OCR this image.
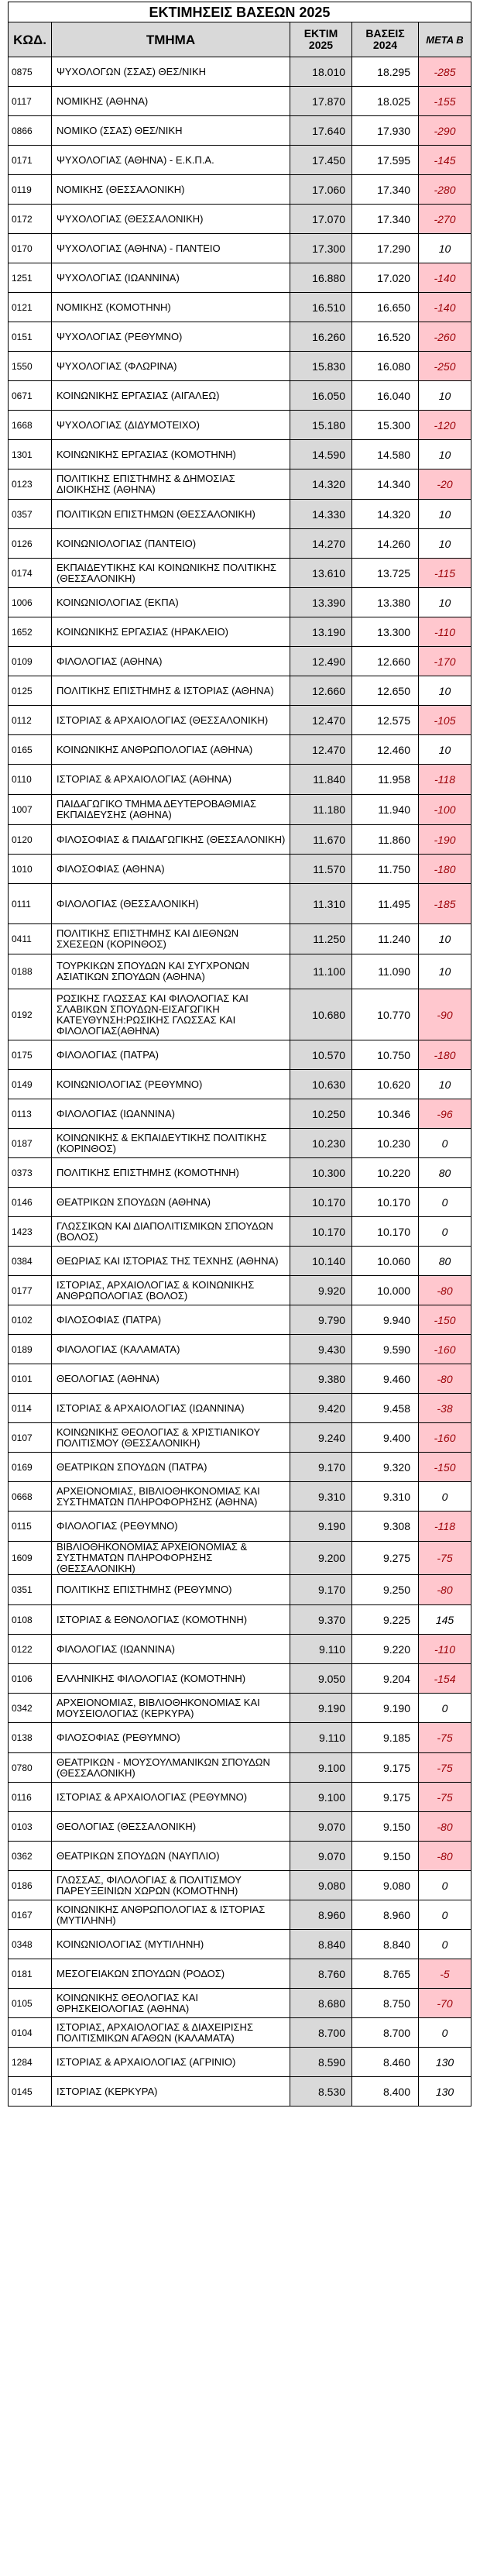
ΕΚΤΙΜΗΣΕΙΣ ΒΑΣΕΩΝ 2025				
ΚΩΔ.	ΤΜΗΜΑ	ΕΚΤΙΜ 2025	ΒΑΣΕΙΣ 2024	ΜΕΤΑ Β
0875	ΨΥΧΟΛΟΓΩΝ (ΣΣΑΣ) ΘΕΣ/ΝΙΚΗ	18.010	18.295	-285
0117	ΝΟΜΙΚΗΣ (ΑΘΗΝΑ)	17.870	18.025	-155
0866	ΝΟΜΙΚΟ (ΣΣΑΣ) ΘΕΣ/ΝΙΚΗ	17.640	17.930	-290
0171	ΨΥΧΟΛΟΓΙΑΣ (ΑΘΗΝΑ) - Ε.Κ.Π.Α.	17.450	17.595	-145
0119	ΝΟΜΙΚΗΣ (ΘΕΣΣΑΛΟΝΙΚΗ)	17.060	17.340	-280
0172	ΨΥΧΟΛΟΓΙΑΣ (ΘΕΣΣΑΛΟΝΙΚΗ)	17.070	17.340	-270
0170	ΨΥΧΟΛΟΓΙΑΣ (ΑΘΗΝΑ) - ΠΑΝΤΕΙΟ	17.300	17.290	10
1251	ΨΥΧΟΛΟΓΙΑΣ (ΙΩΑΝΝΙΝΑ)	16.880	17.020	-140
0121	ΝΟΜΙΚΗΣ (ΚΟΜΟΤΗΝΗ)	16.510	16.650	-140
0151	ΨΥΧΟΛΟΓΙΑΣ (ΡΕΘΥΜΝΟ)	16.260	16.520	-260
1550	ΨΥΧΟΛΟΓΙΑΣ (ΦΛΩΡΙΝΑ)	15.830	16.080	-250
0671	ΚΟΙΝΩΝΙΚΗΣ ΕΡΓΑΣΙΑΣ (ΑΙΓΑΛΕΩ)	16.050	16.040	10
1668	ΨΥΧΟΛΟΓΙΑΣ (ΔΙΔΥΜΟΤΕΙΧΟ)	15.180	15.300	-120
1301	ΚΟΙΝΩΝΙΚΗΣ ΕΡΓΑΣΙΑΣ (ΚΟΜΟΤΗΝΗ)	14.590	14.580	10
0123	ΠΟΛΙΤΙΚΗΣ ΕΠΙΣΤΗΜΗΣ & ΔΗΜΟΣΙΑΣ ΔΙΟΙΚΗΣΗΣ (ΑΘΗΝΑ)	14.320	14.340	-20
0357	ΠΟΛΙΤΙΚΩΝ ΕΠΙΣΤΗΜΩΝ (ΘΕΣΣΑΛΟΝΙΚΗ)	14.330	14.320	10
0126	ΚΟΙΝΩΝΙΟΛΟΓΙΑΣ (ΠΑΝΤΕΙΟ)	14.270	14.260	10
0174	ΕΚΠΑΙΔΕΥΤΙΚΗΣ ΚΑΙ ΚΟΙΝΩΝΙΚΗΣ ΠΟΛΙΤΙΚΗΣ (ΘΕΣΣΑΛΟΝΙΚΗ)	13.610	13.725	-115
1006	ΚΟΙΝΩΝΙΟΛΟΓΙΑΣ (ΕΚΠΑ)	13.390	13.380	10
1652	ΚΟΙΝΩΝΙΚΗΣ ΕΡΓΑΣΙΑΣ (ΗΡΑΚΛΕΙΟ)	13.190	13.300	-110
0109	ΦΙΛΟΛΟΓΙΑΣ (ΑΘΗΝΑ)	12.490	12.660	-170
0125	ΠΟΛΙΤΙΚΗΣ ΕΠΙΣΤΗΜΗΣ & ΙΣΤΟΡΙΑΣ (ΑΘΗΝΑ)	12.660	12.650	10
0112	ΙΣΤΟΡΙΑΣ & ΑΡΧΑΙΟΛΟΓΙΑΣ (ΘΕΣΣΑΛΟΝΙΚΗ)	12.470	12.575	-105
0165	ΚΟΙΝΩΝΙΚΗΣ ΑΝΘΡΩΠΟΛΟΓΙΑΣ (ΑΘΗΝΑ)	12.470	12.460	10
0110	ΙΣΤΟΡΙΑΣ & ΑΡΧΑΙΟΛΟΓΙΑΣ (ΑΘΗΝΑ)	11.840	11.958	-118
1007	ΠΑΙΔΑΓΩΓΙΚΟ ΤΜΗΜΑ ΔΕΥΤΕΡΟΒΑΘΜΙΑΣ ΕΚΠΑΙΔΕΥΣΗΣ (ΑΘΗΝΑ)	11.180	11.940	-100
0120	ΦΙΛΟΣΟΦΙΑΣ & ΠΑΙΔΑΓΩΓΙΚΗΣ (ΘΕΣΣΑΛΟΝΙΚΗ)	11.670	11.860	-190
1010	ΦΙΛΟΣΟΦΙΑΣ (ΑΘΗΝΑ)	11.570	11.750	-180
0111	ΦΙΛΟΛΟΓΙΑΣ (ΘΕΣΣΑΛΟΝΙΚΗ)	11.310	11.495	-185
0411	ΠΟΛΙΤΙΚΗΣ ΕΠΙΣΤΗΜΗΣ ΚΑΙ ΔΙΕΘΝΩΝ ΣΧΕΣΕΩΝ (ΚΟΡΙΝΘΟΣ)	11.250	11.240	10
0188	ΤΟΥΡΚΙΚΩΝ ΣΠΟΥΔΩΝ ΚΑΙ ΣΥΓΧΡΟΝΩΝ ΑΣΙΑΤΙΚΩΝ ΣΠΟΥΔΩΝ (ΑΘΗΝΑ)	11.100	11.090	10
0192	ΡΩΣΙΚΗΣ ΓΛΩΣΣΑΣ ΚΑΙ ΦΙΛΟΛΟΓΙΑΣ ΚΑΙ ΣΛΑΒΙΚΩΝ ΣΠΟΥΔΩΝ-ΕΙΣΑΓΩΓΙΚΗ ΚΑΤΕΥΘΥΝΣΗ:ΡΩΣΙΚΗΣ ΓΛΩΣΣΑΣ ΚΑΙ ΦΙΛΟΛΟΓΙΑΣ(ΑΘΗΝΑ)	10.680	10.770	-90
0175	ΦΙΛΟΛΟΓΙΑΣ (ΠΑΤΡΑ)	10.570	10.750	-180
0149	ΚΟΙΝΩΝΙΟΛΟΓΙΑΣ (ΡΕΘΥΜΝΟ)	10.630	10.620	10
0113	ΦΙΛΟΛΟΓΙΑΣ (ΙΩΑΝΝΙΝΑ)	10.250	10.346	-96
0187	ΚΟΙΝΩΝΙΚΗΣ & ΕΚΠΑΙΔΕΥΤΙΚΗΣ ΠΟΛΙΤΙΚΗΣ (ΚΟΡΙΝΘΟΣ)	10.230	10.230	0
0373	ΠΟΛΙΤΙΚΗΣ ΕΠΙΣΤΗΜΗΣ (ΚΟΜΟΤΗΝΗ)	10.300	10.220	80
0146	ΘΕΑΤΡΙΚΩΝ ΣΠΟΥΔΩΝ (ΑΘΗΝΑ)	10.170	10.170	0
1423	ΓΛΩΣΣΙΚΩΝ ΚΑΙ ΔΙΑΠΟΛΙΤΙΣΜΙΚΩΝ ΣΠΟΥΔΩΝ (ΒΟΛΟΣ)	10.170	10.170	0
0384	ΘΕΩΡΙΑΣ ΚΑΙ ΙΣΤΟΡΙΑΣ ΤΗΣ ΤΕΧΝΗΣ (ΑΘΗΝΑ)	10.140	10.060	80
0177	ΙΣΤΟΡΙΑΣ, ΑΡΧΑΙΟΛΟΓΙΑΣ & ΚΟΙΝΩΝΙΚΗΣ ΑΝΘΡΩΠΟΛΟΓΙΑΣ (ΒΟΛΟΣ)	9.920	10.000	-80
0102	ΦΙΛΟΣΟΦΙΑΣ (ΠΑΤΡΑ)	9.790	9.940	-150
0189	ΦΙΛΟΛΟΓΙΑΣ (ΚΑΛΑΜΑΤΑ)	9.430	9.590	-160
0101	ΘΕΟΛΟΓΙΑΣ (ΑΘΗΝΑ)	9.380	9.460	-80
0114	ΙΣΤΟΡΙΑΣ & ΑΡΧΑΙΟΛΟΓΙΑΣ (ΙΩΑΝΝΙΝΑ)	9.420	9.458	-38
0107	ΚΟΙΝΩΝΙΚΗΣ ΘΕΟΛΟΓΙΑΣ & ΧΡΙΣΤΙΑΝΙΚΟΥ ΠΟΛΙΤΙΣΜΟΥ (ΘΕΣΣΑΛΟΝΙΚΗ)	9.240	9.400	-160
0169	ΘΕΑΤΡΙΚΩΝ ΣΠΟΥΔΩΝ (ΠΑΤΡΑ)	9.170	9.320	-150
0668	ΑΡΧΕΙΟΝΟΜΙΑΣ, ΒΙΒΛΙΟΘΗΚΟΝΟΜΙΑΣ ΚΑΙ ΣΥΣΤΗΜΑΤΩΝ ΠΛΗΡΟΦΟΡΗΣΗΣ (ΑΘΗΝΑ)	9.310	9.310	0
0115	ΦΙΛΟΛΟΓΙΑΣ (ΡΕΘΥΜΝΟ)	9.190	9.308	-118
1609	ΒΙΒΛΙΟΘΗΚΟΝΟΜΙΑΣ ΑΡΧΕΙΟΝΟΜΙΑΣ & ΣΥΣΤΗΜΑΤΩΝ ΠΛΗΡΟΦΟΡΗΣΗΣ (ΘΕΣΣΑΛΟΝΙΚΗ)	9.200	9.275	-75
0351	ΠΟΛΙΤΙΚΗΣ ΕΠΙΣΤΗΜΗΣ (ΡΕΘΥΜΝΟ)	9.170	9.250	-80
0108	ΙΣΤΟΡΙΑΣ & ΕΘΝΟΛΟΓΙΑΣ (ΚΟΜΟΤΗΝΗ)	9.370	9.225	145
0122	ΦΙΛΟΛΟΓΙΑΣ (ΙΩΑΝΝΙΝΑ)	9.110	9.220	-110
0106	ΕΛΛΗΝΙΚΗΣ ΦΙΛΟΛΟΓΙΑΣ (ΚΟΜΟΤΗΝΗ)	9.050	9.204	-154
0342	ΑΡΧΕΙΟΝΟΜΙΑΣ, ΒΙΒΛΙΟΘΗΚΟΝΟΜΙΑΣ ΚΑΙ ΜΟΥΣΕΙΟΛΟΓΙΑΣ (ΚΕΡΚΥΡΑ)	9.190	9.190	0
0138	ΦΙΛΟΣΟΦΙΑΣ (ΡΕΘΥΜΝΟ)	9.110	9.185	-75
0780	ΘΕΑΤΡΙΚΩΝ - ΜΟΥΣΟΥΛΜΑΝΙΚΩΝ ΣΠΟΥΔΩΝ (ΘΕΣΣΑΛΟΝΙΚΗ)	9.100	9.175	-75
0116	ΙΣΤΟΡΙΑΣ & ΑΡΧΑΙΟΛΟΓΙΑΣ (ΡΕΘΥΜΝΟ)	9.100	9.175	-75
0103	ΘΕΟΛΟΓΙΑΣ (ΘΕΣΣΑΛΟΝΙΚΗ)	9.070	9.150	-80
0362	ΘΕΑΤΡΙΚΩΝ ΣΠΟΥΔΩΝ (ΝΑΥΠΛΙΟ)	9.070	9.150	-80
0186	ΓΛΩΣΣΑΣ, ΦΙΛΟΛΟΓΙΑΣ & ΠΟΛΙΤΙΣΜΟΥ ΠΑΡΕΥΞΕΙΝΙΩΝ ΧΩΡΩΝ (ΚΟΜΟΤΗΝΗ)	9.080	9.080	0
0167	ΚΟΙΝΩΝΙΚΗΣ ΑΝΘΡΩΠΟΛΟΓΙΑΣ & ΙΣΤΟΡΙΑΣ (ΜΥΤΙΛΗΝΗ)	8.960	8.960	0
0348	ΚΟΙΝΩΝΙΟΛΟΓΙΑΣ (ΜΥΤΙΛΗΝΗ)	8.840	8.840	0
0181	ΜΕΣΟΓΕΙΑΚΩΝ ΣΠΟΥΔΩΝ (ΡΟΔΟΣ)	8.760	8.765	-5
0105	ΚΟΙΝΩΝΙΚΗΣ ΘΕΟΛΟΓΙΑΣ ΚΑΙ ΘΡΗΣΚΕΙΟΛΟΓΙΑΣ (ΑΘΗΝΑ)	8.680	8.750	-70
0104	ΙΣΤΟΡΙΑΣ, ΑΡΧΑΙΟΛΟΓΙΑΣ & ΔΙΑΧΕΙΡΙΣΗΣ ΠΟΛΙΤΙΣΜΙΚΩΝ ΑΓΑΘΩΝ (ΚΑΛΑΜΑΤΑ)	8.700	8.700	0
1284	ΙΣΤΟΡΙΑΣ & ΑΡΧΑΙΟΛΟΓΙΑΣ (ΑΓΡΙΝΙΟ)	8.590	8.460	130
0145	ΙΣΤΟΡΙΑΣ (ΚΕΡΚΥΡΑ)	8.530	8.400	130
